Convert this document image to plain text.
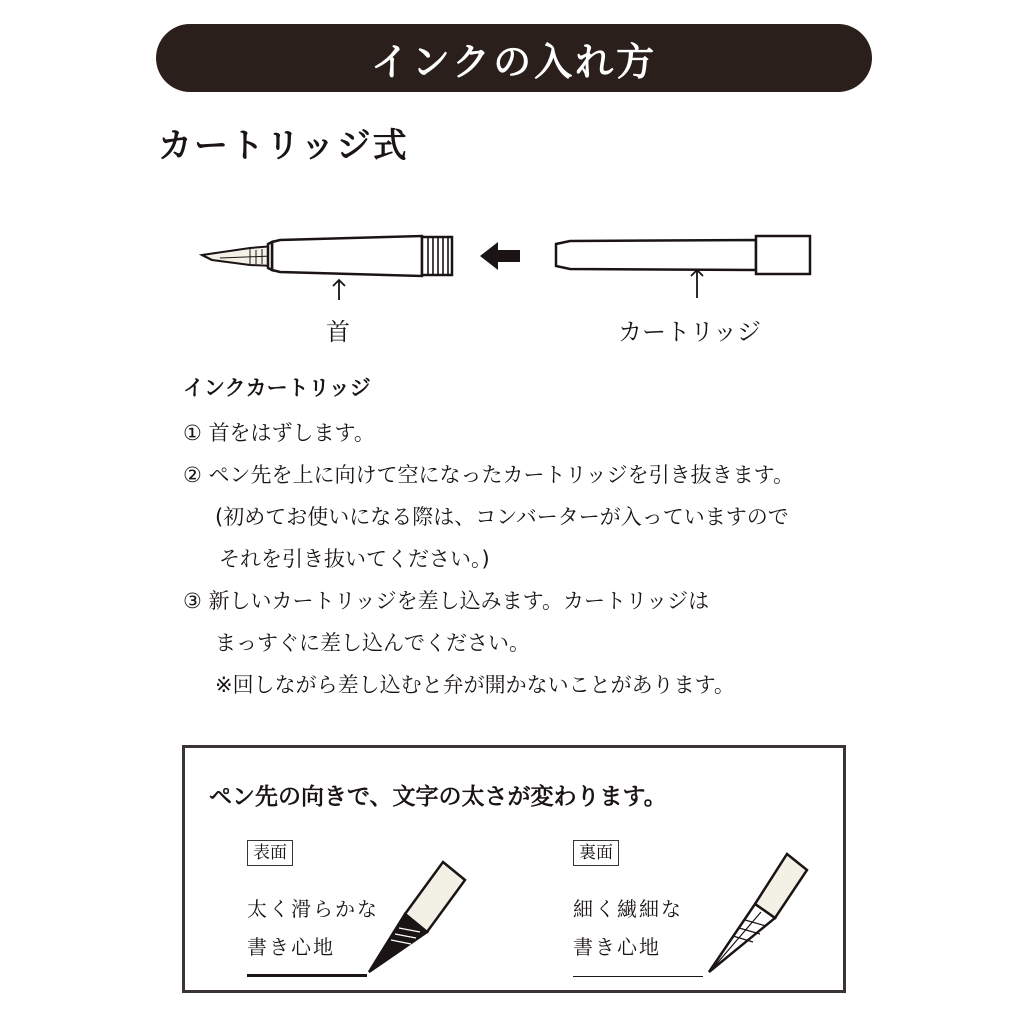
インクの入れ方
カートリッジ式
首	カートリッジ
インクカートリッジ
① 首をはずします。
② ペン先を上に向けて空になったカートリッジを引き抜きます。
(初めてお使いになる際は、コンバーターが入っていますので
それを引き抜いてください。)
③ 新しいカートリッジを差し込みます。カートリッジは
まっすぐに差し込んでください。
※回しながら差し込むと弁が開かないことがあります。
ペン先の向きで、文字の太さが変わります。
表面
太く滑らかな
書き心地
裏面
細く繊細な
書き心地
